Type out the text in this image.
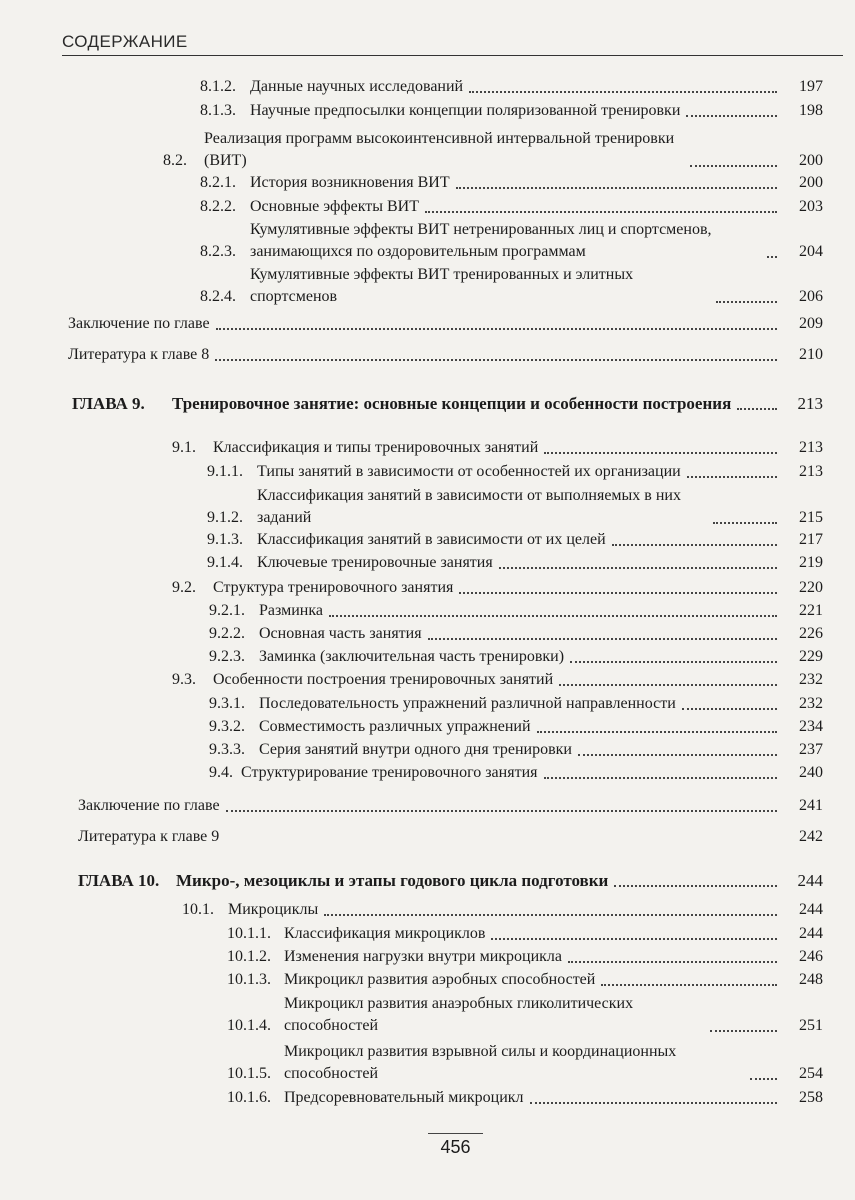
СОДЕРЖАНИЕ
8.1.2. Данные научных исследований	197
8.1.3. Научные предпосылки концепции поляризованной тренировки	198
8.2.
Реализация программ высокоинтенсивной интервальной тренировки (ВИТ)	200
8.2.1. История возникновения ВИТ	200
8.2.2. Основные эффекты ВИТ	203
8.2.3.
Кумулятивные эффекты ВИТ нетренированных лиц и спортсменов, занимающихся по оздоровительным программам	204
8.2.4.
Кумулятивные эффекты ВИТ тренированных и элитных спортсменов	206
Заключение по главе	209
Литература к главе 8	210
ГЛАВА 9.	Тренировочное занятие: основные концепции и особенности построения	213
9.1.	Классификация и типы тренировочных занятий	213
9.1.1. Типы занятий в зависимости от особенностей их организации	213
9.1.2.
Классификация занятий в зависимости от выполняемых в них заданий	215
9.1.3. Классификация занятий в зависимости от их целей	217
9.1.4. Ключевые тренировочные занятия	219
9.2.	Структура тренировочного занятия	220
9.2.1. Разминка	221
9.2.2. Основная часть занятия	226
9.2.3. Заминка (заключительная часть тренировки)	229
9.3.	Особенности построения тренировочных занятий	232
9.3.1. Последовательность упражнений различной направленности	232
9.3.2. Совместимость различных упражнений	234
9.3.3. Серия занятий внутри одного дня тренировки	237
9.4. Структурирование тренировочного занятия	240
Заключение по главе	241
Литература к главе 9	242
ГЛАВА 10. Микро-, мезоциклы и этапы годового цикла подготовки	244
10.1. Микроциклы	244
10.1.1. Классификация микроциклов	244
10.1.2. Изменения нагрузки внутри микроцикла	246
10.1.3. Микроцикл развития аэробных способностей	248
10.1.4.
Микроцикл развития анаэробных гликолитических способностей	251
10.1.5.
Микроцикл развития взрывной силы и координационных способностей	254
10.1.6. Предсоревновательный микроцикл	258
456
